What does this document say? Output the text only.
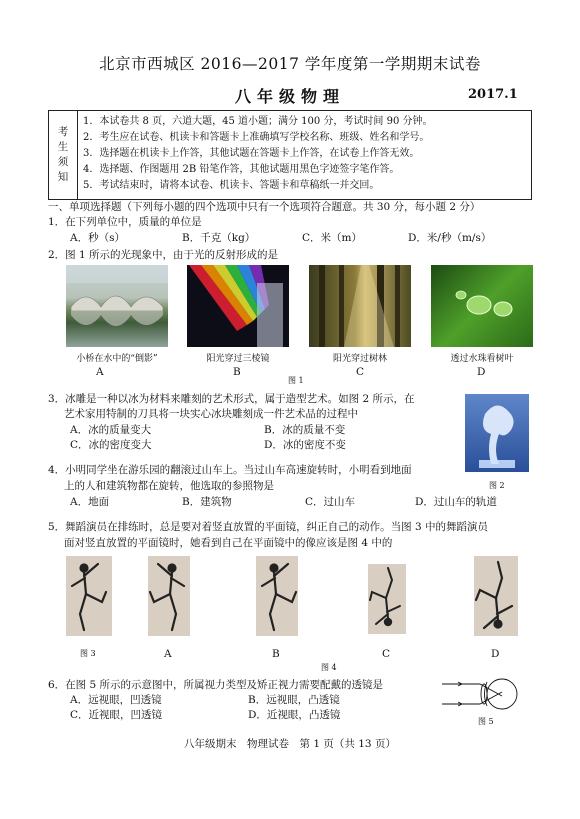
北京市西城区 2016—2017 学年度第一学期期末试卷
八年级物理	2017.1
考
生
须
知
1．本试卷共 8 页，六道大题，45 道小题；满分 100 分，考试时间 90 分钟。
2．考生应在试卷、机读卡和答题卡上准确填写学校名称、班级、姓名和学号。
3．选择题在机读卡上作答，其他试题在答题卡上作答，在试卷上作答无效。
4．选择题、作图题用 2B 铅笔作答，其他试题用黑色字迹签字笔作答。
5．考试结束时，请将本试卷、机读卡、答题卡和草稿纸一并交回。
一、单项选择题（下列每小题的四个选项中只有一个选项符合题意。共 30 分，每小题 2 分）
1．在下列单位中，质量的单位是
A．秒（s）	B．千克（kg）	C．米（m）	D．米/秒（m/s）
2．图 1 所示的光现象中，由于光的反射形成的是
小桥在水中的“倒影”	阳光穿过三棱镜	阳光穿过树林	透过水珠看树叶
A	B	C	D
图 1
3．冰雕是一种以冰为材料来雕刻的艺术形式，属于造型艺术。如图 2 所示，在
艺术家用特制的刀具将一块实心冰块雕刻成一件艺术品的过程中
A．冰的质量变大	B．冰的质量不变
C．冰的密度变大	D．冰的密度不变
图 2
4．小明同学坐在游乐园的翻滚过山车上。当过山车高速旋转时，小明看到地面
上的人和建筑物都在旋转，他选取的参照物是
A．地面	B．建筑物	C．过山车	D．过山车的轨道
5．舞蹈演员在排练时，总是要对着竖直放置的平面镜，纠正自己的动作。当图 3 中的舞蹈演员
面对竖直放置的平面镜时，她看到自己在平面镜中的像应该是图 4 中的
图 3	A	B	C	D
图 4
6．在图 5 所示的示意图中，所属视力类型及矫正视力需要配戴的透镜是
A．远视眼，凹透镜	B．远视眼，凸透镜
C．近视眼，凹透镜	D．近视眼，凸透镜
图 5
八年级期末　物理试卷　第 1 页（共 13 页）
